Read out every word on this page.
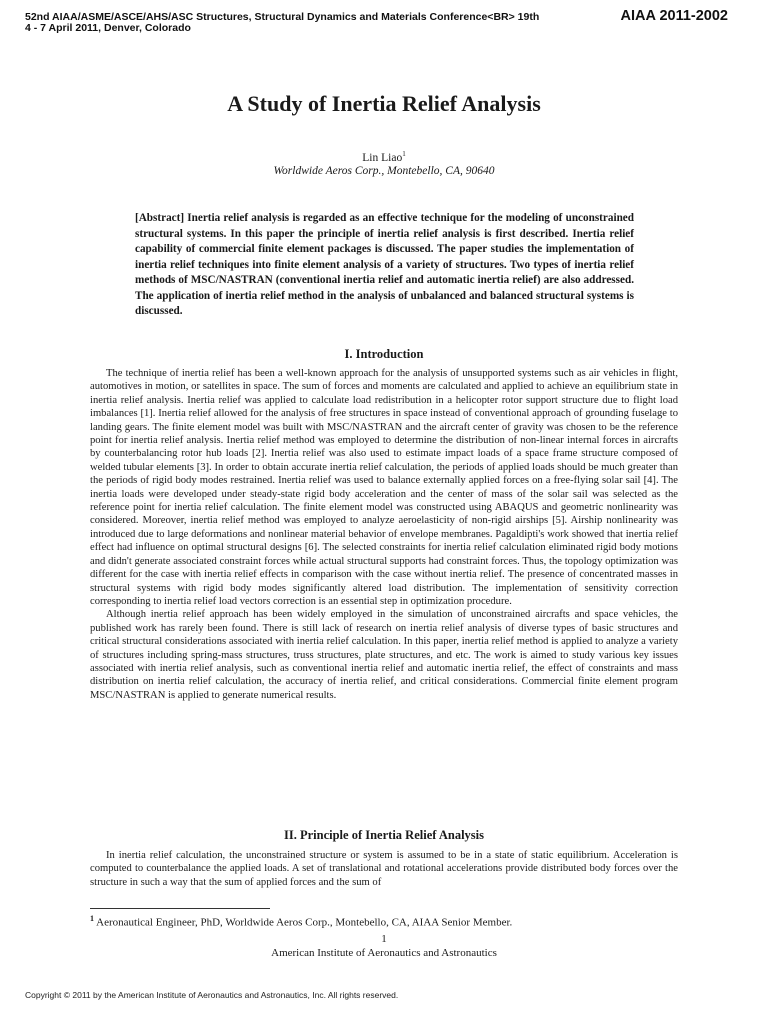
52nd AIAA/ASME/ASCE/AHS/ASC Structures, Structural Dynamics and Materials Conference<BR> 19th
4 - 7 April 2011, Denver, Colorado
AIAA 2011-2002
A Study of Inertia Relief Analysis
Lin Liao$^1$
Worldwide Aeros Corp., Montebello, CA, 90640

[Abstract] Inertia relief analysis is regarded as an effective technique for the modeling of unconstrained structural systems. In this paper the principle of inertia relief analysis is first described. Inertia relief capability of commercial finite element packages is discussed. The paper studies the implementation of inertia relief techniques into finite element analysis of a variety of structures. Two types of inertia relief methods of MSC/NASTRAN (conventional inertia relief and automatic inertia relief) are also addressed. The application of inertia relief method in the analysis of unbalanced and balanced structural systems is discussed.

I. Introduction

The technique of inertia relief has been a well-known approach for the analysis of unsupported systems such as air vehicles in flight, automotives in motion, or satellites in space. The sum of forces and moments are calculated and applied to achieve an equilibrium state in inertia relief analysis. Inertia relief was applied to calculate load redistribution in a helicopter rotor support structure due to flight load imbalances [1]. Inertia relief allowed for the analysis of free structures in space instead of conventional approach of grounding fuselage to landing gears. The finite element model was built with MSC/NASTRAN and the aircraft center of gravity was chosen to be the reference point for inertia relief analysis. Inertia relief method was employed to determine the distribution of non-linear internal forces in aircrafts by counterbalancing rotor hub loads [2]. Inertia relief was also used to estimate impact loads of a space frame structure composed of welded tubular elements [3]. In order to obtain accurate inertia relief calculation, the periods of applied loads should be much greater than the periods of rigid body modes restrained. Inertia relief was used to balance externally applied forces on a free-flying solar sail [4]. The inertia loads were developed under steady-state rigid body acceleration and the center of mass of the solar sail was selected as the reference point for inertia relief calculation. The finite element model was constructed using ABAQUS and geometric nonlinearity was considered. Moreover, inertia relief method was employed to analyze aeroelasticity of non-rigid airships [5]. Airship nonlinearity was introduced due to large deformations and nonlinear material behavior of envelope membranes. Pagaldipti's work showed that inertia relief effect had influence on optimal structural designs [6]. The selected constraints for inertia relief calculation eliminated rigid body motions and didn't generate associated constraint forces while actual structural supports had constraint forces. Thus, the topology optimization was different for the case with inertia relief effects in comparison with the case without inertia relief. The presence of concentrated masses in structural systems with rigid body modes significantly altered load distribution. The implementation of sensitivity correction corresponding to inertia relief load vectors correction is an essential step in optimization procedure.

Although inertia relief approach has been widely employed in the simulation of unconstrained aircrafts and space vehicles, the published work has rarely been found. There is still lack of research on inertia relief analysis of diverse types of basic structures and critical structural considerations associated with inertia relief calculation. In this paper, inertia relief method is applied to analyze a variety of structures including spring-mass structures, truss structures, plate structures, and etc. The work is aimed to study various key issues associated with inertia relief analysis, such as conventional inertia relief and automatic inertia relief, the effect of constraints and mass distribution on inertia relief calculation, the accuracy of inertia relief, and critical considerations. Commercial finite element program MSC/NASTRAN is applied to generate numerical results.

II. Principle of Inertia Relief Analysis

In inertia relief calculation, the unconstrained structure or system is assumed to be in a state of static equilibrium. Acceleration is computed to counterbalance the applied loads. A set of translational and rotational accelerations provide distributed body forces over the structure in such a way that the sum of applied forces and the sum of

$^1$ Aeronautical Engineer, PhD, Worldwide Aeros Corp., Montebello, CA, AIAA Senior Member.
1
American Institute of Aeronautics and Astronautics
Copyright © 2011 by the American Institute of Aeronautics and Astronautics, Inc. All rights reserved.
